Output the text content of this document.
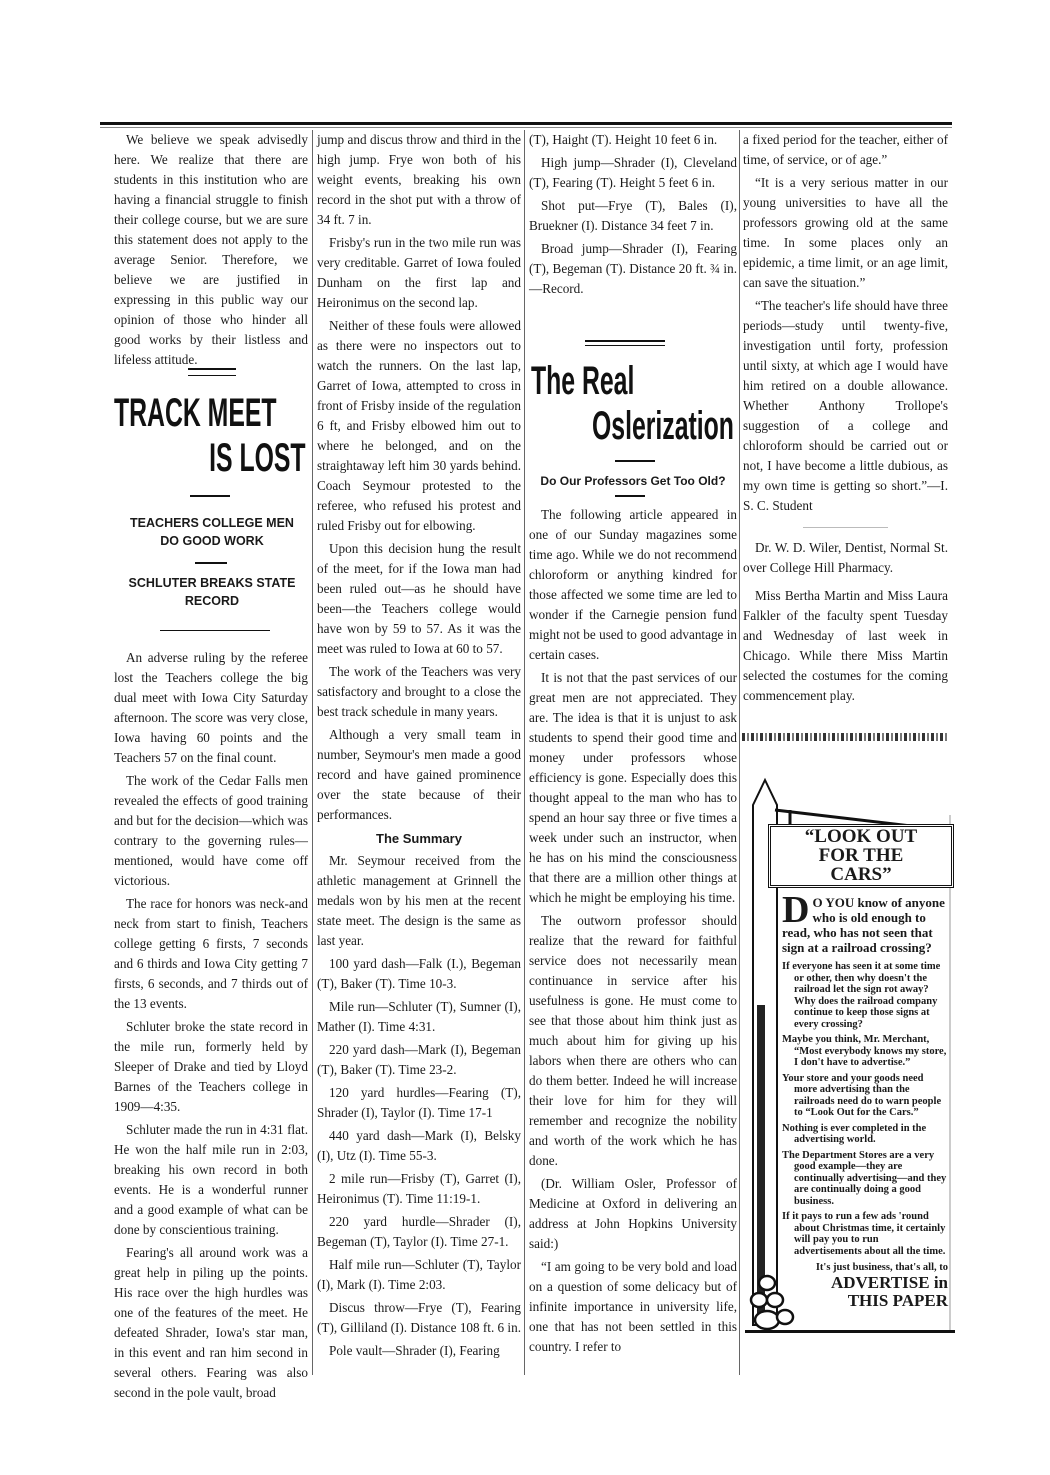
We believe we speak advisedly here. We realize that there are students in this institution who are having a financial struggle to finish their college course, but we are sure this statement does not apply to the average Senior. Therefore, we believe we are justified in expressing in this public way our opinion of those who hinder all good works by their listless and lifeless attitude.

TRACK MEET
IS LOST
TEACHERS COLLEGE MEN DO GOOD WORK
SCHLUTER BREAKS STATE RECORD

An adverse ruling by the referee lost the Teachers college the big dual meet with Iowa City Saturday afternoon. The score was very close, Iowa having 60 points and the Teachers 57 on the final count.

The work of the Cedar Falls men revealed the effects of good training and but for the decision—which was contrary to the governing rules—mentioned, would have come off victorious.

The race for honors was neck-and neck from start to finish, Teachers college getting 6 firsts, 7 seconds and 6 thirds and Iowa City getting 7 firsts, 6 seconds, and 7 thirds out of the 13 events.

Schluter broke the state record in the mile run, formerly held by Sleeper of Drake and tied by Lloyd Barnes of the Teachers college in 1909—4:35.

Schluter made the run in 4:31 flat. He won the half mile run in 2:03, breaking his own record in both events. He is a wonderful runner and a good example of what can be done by conscientious training.

Fearing's all around work was a great help in piling up the points. His race over the high hurdles was one of the features of the meet. He defeated Shrader, Iowa's star man, in this event and ran him second in several others. Fearing was also second in the pole vault, broad

jump and discus throw and third in the high jump. Frye won both of his weight events, breaking his own record in the shot put with a throw of 34 ft. 7 in.

Frisby's run in the two mile run was very creditable. Garret of Iowa fouled Dunham on the first lap and Heironimus on the second lap.

Neither of these fouls were allowed as there were no inspectors out to watch the runners. On the last lap, Garret of Iowa, attempted to cross in front of Frisby inside of the regulation 6 ft, and Frisby elbowed him out to where he belonged, and on the straightaway left him 30 yards behind. Coach Seymour protested to the referee, who refused his protest and ruled Frisby out for elbowing.

Upon this decision hung the result of the meet, for if the Iowa man had been ruled out—as he should have been—the Teachers college would have won by 59 to 57. As it was the meet was ruled to Iowa at 60 to 57.

The work of the Teachers was very satisfactory and brought to a close the best track schedule in many years.

Although a very small team in number, Seymour's men made a good record and have gained prominence over the state because of their performances.

The Summary

Mr. Seymour received from the athletic management at Grinnell the medals won by his men at the recent state meet. The design is the same as last year.

100 yard dash—Falk (I.), Begeman (T), Baker (T). Time 10-3.

Mile run—Schluter (T), Sumner (I), Mather (I). Time 4:31.

220 yard dash—Mark (I), Begeman (T), Baker (T). Time 23-2.

120 yard hurdles—Fearing (T), Shrader (I), Taylor (I). Time 17-1

440 yard dash—Mark (I), Belsky (I), Utz (I). Time 55-3.

2 mile run—Frisby (T), Garret (I), Heironimus (T). Time 11:19-1.

220 yard hurdle—Shrader (I), Begeman (T), Taylor (I). Time 27-1.

Half mile run—Schluter (T), Taylor (I), Mark (I). Time 2:03.

Discus throw—Frye (T), Fearing (T), Gilliland (I). Distance 108 ft. 6 in.

Pole vault—Shrader (I), Fearing

(T), Haight (T). Height 10 feet 6 in.

High jump—Shrader (I), Cleveland (T), Fearing (T). Height 5 feet 6 in.

Shot put—Frye (T), Bales (I), Bruekner (I). Distance 34 feet 7 in.

Broad jump—Shrader (I), Fearing (T), Begeman (T). Distance 20 ft. ¾ in.—Record.

The Real
Oslerization
Do Our Professors Get Too Old?

The following article appeared in one of our Sunday magazines some time ago. While we do not recommend chloroform or anything kindred for those affected we some time are led to wonder if the Carnegie pension fund might not be used to good advantage in certain cases.

It is not that the past services of our great men are not appreciated. They are. The idea is that it is unjust to ask students to spend their good time and money under professors whose efficiency is gone. Especially does this thought appeal to the man who has to spend an hour say three or five times a week under such an instructor, when he has on his mind the consciousness that there are a million other things at which he might be employing his time.

The outworn professor should realize that the reward for faithful service does not necessarily mean continuance in service after his usefulness is gone. He must come to see that those about him think just as much about him for giving up his labors when there are others who can do them better. Indeed he will increase their love for him for they will remember and recognize the nobility and worth of the work which he has done.

(Dr. William Osler, Professor of Medicine at Oxford in delivering an address at John Hopkins University said:)

“I am going to be very bold and load on a question of some delicacy but of infinite importance in university life, one that has not been settled in this country. I refer to

a fixed period for the teacher, either of time, of service, or of age.”

“It is a very serious matter in our young universities to have all the professors growing old at the same time. In some places only an epidemic, a time limit, or an age limit, can save the situation.”

“The teacher's life should have three periods—study until twenty-five, investigation until forty, profession until sixty, at which age I would have him retired on a double allowance. Whether Anthony Trollope's suggestion of a college and chloroform should be carried out or not, I have become a little dubious, as my own time is getting so short.”—I. S. C. Student

Dr. W. D. Wiler, Dentist, Normal St. over College Hill Pharmacy.

Miss Bertha Martin and Miss Laura Falkler of the faculty spent Tuesday and Wednesday of last week in Chicago. While there Miss Martin selected the costumes for the coming commencement play.

“LOOK OUT
FOR THE
CARS”
D O YOU know of anyone who is old enough to read, who has not seen that sign at a railroad crossing?

If everyone has seen it at some time or other, then why doesn't the railroad let the sign rot away? Why does the railroad company continue to keep those signs at every crossing?

Maybe you think, Mr. Merchant, “Most everybody knows my store, I don't have to advertise.”

Your store and your goods need more advertising than the railroads need do to warn people to “Look Out for the Cars.”

Nothing is ever completed in the advertising world.

The Department Stores are a very good example—they are continually advertising—and they are continually doing a good business.

If it pays to run a few ads 'round about Christmas time, it certainly will pay you to run advertisements about all the time.

It's just business, that's all, to
ADVERTISE in
THIS PAPER
